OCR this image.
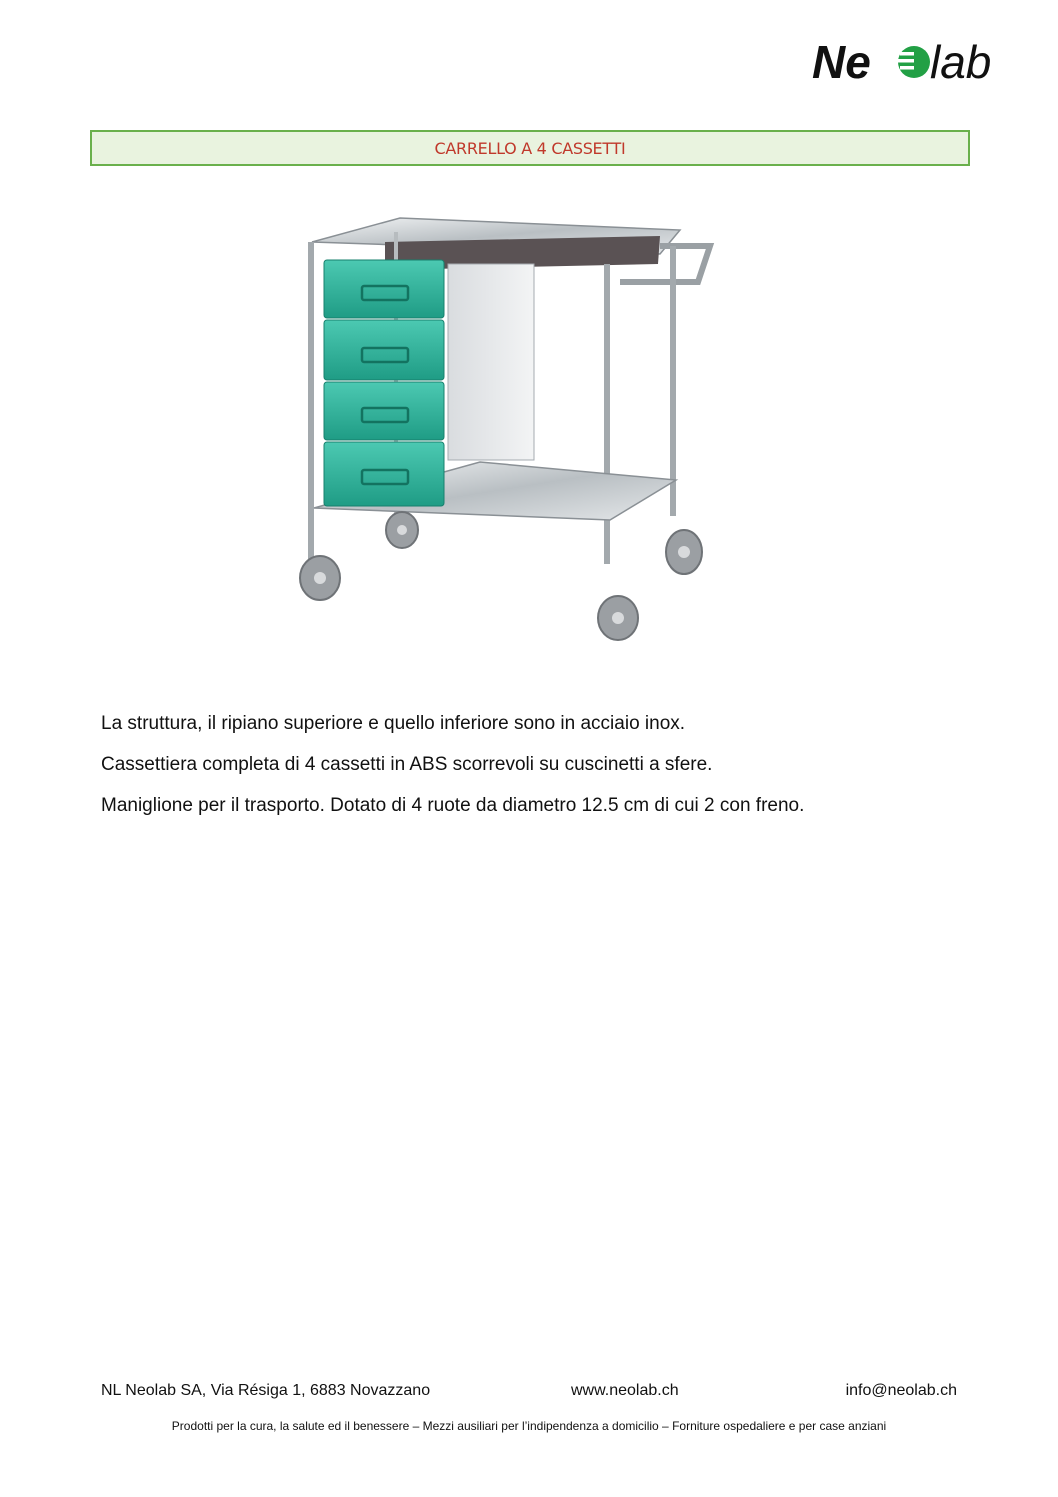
Ne lab
CARRELLO A 4 CASSETTI

La struttura, il ripiano superiore e quello inferiore sono in acciaio inox.

Cassettiera completa di 4 cassetti in ABS scorrevoli su cuscinetti a sfere.

Maniglione per il trasporto. Dotato di 4 ruote da diametro 12.5 cm di cui 2 con freno.

NL Neolab SA, Via Résiga 1, 6883 Novazzano	www.neolab.ch	info@neolab.ch
Prodotti per la cura, la salute ed il benessere – Mezzi ausiliari per l’indipendenza a domicilio – Forniture ospedaliere e per case anziani
